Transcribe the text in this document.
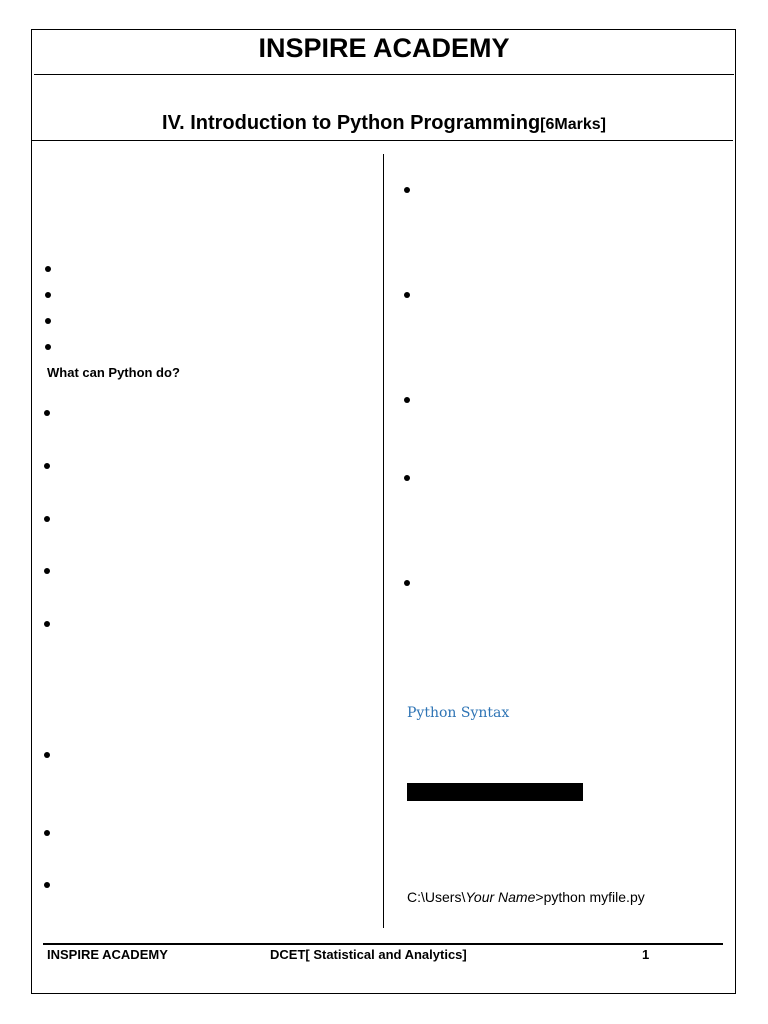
INSPIRE ACADEMY
IV. Introduction to Python Programming[6Marks]
What can Python do?
Python Syntax
C:\Users\Your Name>python myfile.py
INSPIRE ACADEMY	DCET[ Statistical and Analytics]	1
